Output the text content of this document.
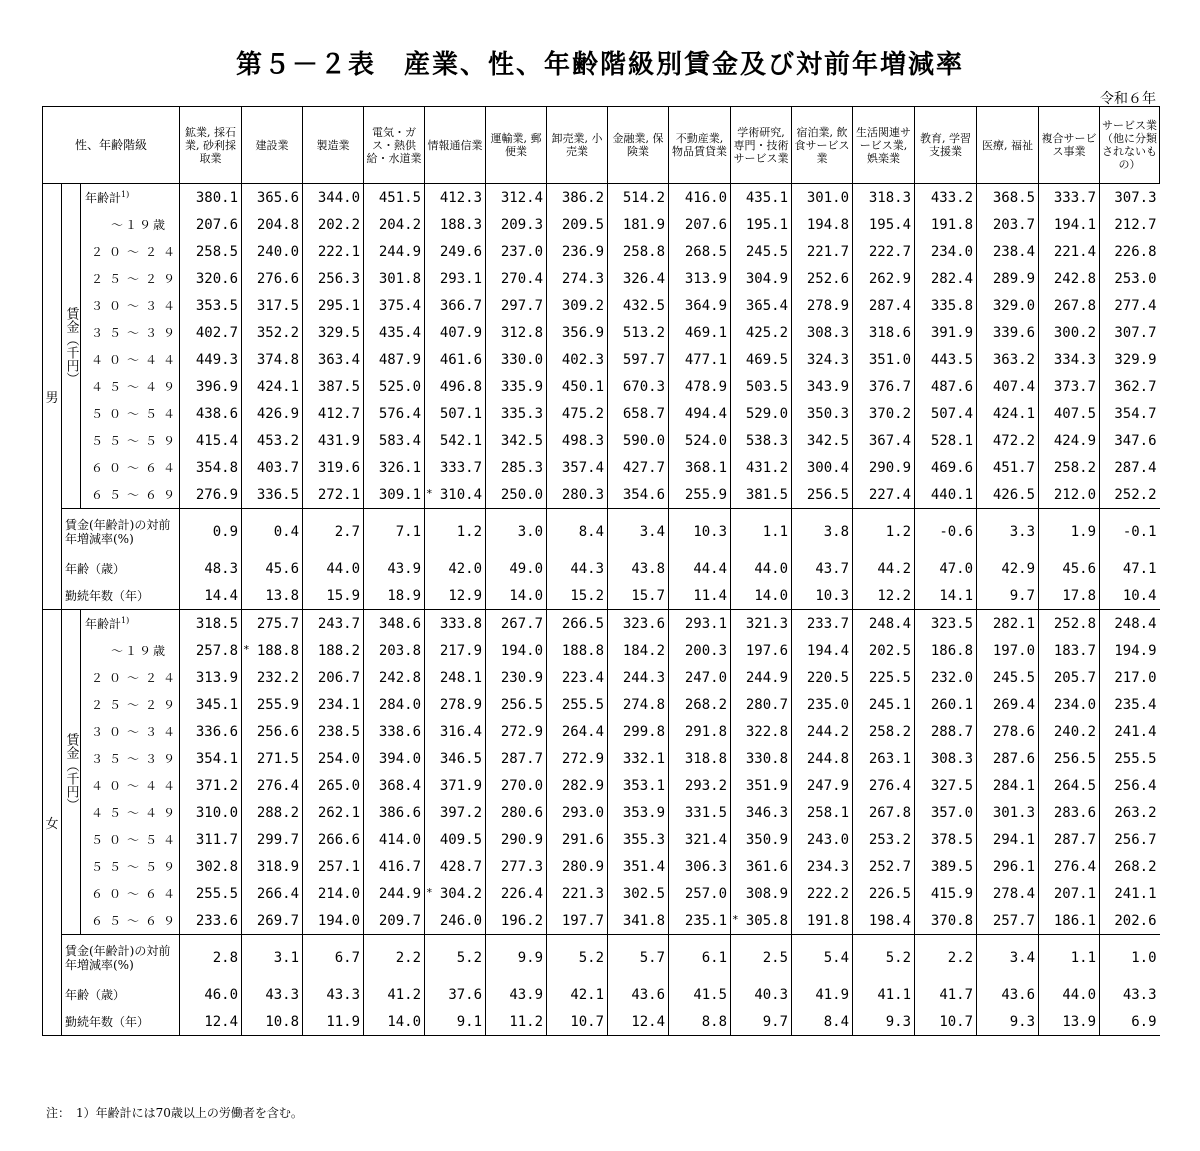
第５－２表　産業、性、年齢階級別賃金及び対前年増減率
令和６年
性、年齢階級			鉱業, 採石業, 砂利採取業	建設業	製造業	電気・ガス・熱供給・水道業	情報通信業	運輸業, 郵便業	卸売業, 小売業	金融業, 保険業	不動産業, 物品賃貸業	学術研究, 専門・技術サービス業	宿泊業, 飲食サービス業	生活関連サービス業, 娯楽業	教育, 学習支援業	医療, 福祉	複合サービス事業	サービス業（他に分類されないもの）
男	賃金（千円）	年齢計$^{1)}$	380.1	365.6	344.0	451.5	412.3	312.4	386.2	514.2	416.0	435.1	301.0	318.3	433.2	368.5	333.7	307.3
		～１９歳	207.6	204.8	202.2	204.2	188.3	209.3	209.5	181.9	207.6	195.1	194.8	195.4	191.8	203.7	194.1	212.7
		２０～２４	258.5	240.0	222.1	244.9	249.6	237.0	236.9	258.8	268.5	245.5	221.7	222.7	234.0	238.4	221.4	226.8
		２５～２９	320.6	276.6	256.3	301.8	293.1	270.4	274.3	326.4	313.9	304.9	252.6	262.9	282.4	289.9	242.8	253.0
		３０～３４	353.5	317.5	295.1	375.4	366.7	297.7	309.2	432.5	364.9	365.4	278.9	287.4	335.8	329.0	267.8	277.4
		３５～３９	402.7	352.2	329.5	435.4	407.9	312.8	356.9	513.2	469.1	425.2	308.3	318.6	391.9	339.6	300.2	307.7
		４０～４４	449.3	374.8	363.4	487.9	461.6	330.0	402.3	597.7	477.1	469.5	324.3	351.0	443.5	363.2	334.3	329.9
		４５～４９	396.9	424.1	387.5	525.0	496.8	335.9	450.1	670.3	478.9	503.5	343.9	376.7	487.6	407.4	373.7	362.7
		５０～５４	438.6	426.9	412.7	576.4	507.1	335.3	475.2	658.7	494.4	529.0	350.3	370.2	507.4	424.1	407.5	354.7
		５５～５９	415.4	453.2	431.9	583.4	542.1	342.5	498.3	590.0	524.0	538.3	342.5	367.4	528.1	472.2	424.9	347.6
		６０～６４	354.8	403.7	319.6	326.1	333.7	285.3	357.4	427.7	368.1	431.2	300.4	290.9	469.6	451.7	258.2	287.4
		６５～６９	276.9	336.5	272.1	309.1	* 310.4	250.0	280.3	354.6	255.9	381.5	256.5	227.4	440.1	426.5	212.0	252.2
	賃金(年齢計)の対前年増減率(%)		0.9	0.4	2.7	7.1	1.2	3.0	8.4	3.4	10.3	1.1	3.8	1.2	-0.6	3.3	1.9	-0.1
	年齢（歳）		48.3	45.6	44.0	43.9	42.0	49.0	44.3	43.8	44.4	44.0	43.7	44.2	47.0	42.9	45.6	47.1
	勤続年数（年）		14.4	13.8	15.9	18.9	12.9	14.0	15.2	15.7	11.4	14.0	10.3	12.2	14.1	9.7	17.8	10.4
女	賃金（千円）	年齢計$^{1)}$	318.5	275.7	243.7	348.6	333.8	267.7	266.5	323.6	293.1	321.3	233.7	248.4	323.5	282.1	252.8	248.4
		～１９歳	257.8	* 188.8	188.2	203.8	217.9	194.0	188.8	184.2	200.3	197.6	194.4	202.5	186.8	197.0	183.7	194.9
		２０～２４	313.9	232.2	206.7	242.8	248.1	230.9	223.4	244.3	247.0	244.9	220.5	225.5	232.0	245.5	205.7	217.0
		２５～２９	345.1	255.9	234.1	284.0	278.9	256.5	255.5	274.8	268.2	280.7	235.0	245.1	260.1	269.4	234.0	235.4
		３０～３４	336.6	256.6	238.5	338.6	316.4	272.9	264.4	299.8	291.8	322.8	244.2	258.2	288.7	278.6	240.2	241.4
		３５～３９	354.1	271.5	254.0	394.0	346.5	287.7	272.9	332.1	318.8	330.8	244.8	263.1	308.3	287.6	256.5	255.5
		４０～４４	371.2	276.4	265.0	368.4	371.9	270.0	282.9	353.1	293.2	351.9	247.9	276.4	327.5	284.1	264.5	256.4
		４５～４９	310.0	288.2	262.1	386.6	397.2	280.6	293.0	353.9	331.5	346.3	258.1	267.8	357.0	301.3	283.6	263.2
		５０～５４	311.7	299.7	266.6	414.0	409.5	290.9	291.6	355.3	321.4	350.9	243.0	253.2	378.5	294.1	287.7	256.7
		５５～５９	302.8	318.9	257.1	416.7	428.7	277.3	280.9	351.4	306.3	361.6	234.3	252.7	389.5	296.1	276.4	268.2
		６０～６４	255.5	266.4	214.0	244.9	* 304.2	226.4	221.3	302.5	257.0	308.9	222.2	226.5	415.9	278.4	207.1	241.1
		６５～６９	233.6	269.7	194.0	209.7	246.0	196.2	197.7	341.8	235.1	* 305.8	191.8	198.4	370.8	257.7	186.1	202.6
	賃金(年齢計)の対前年増減率(%)		2.8	3.1	6.7	2.2	5.2	9.9	5.2	5.7	6.1	2.5	5.4	5.2	2.2	3.4	1.1	1.0
	年齢（歳）		46.0	43.3	43.3	41.2	37.6	43.9	42.1	43.6	41.5	40.3	41.9	41.1	41.7	43.6	44.0	43.3
	勤続年数（年）		12.4	10.8	11.9	14.0	9.1	11.2	10.7	12.4	8.8	9.7	8.4	9.3	10.7	9.3	13.9	6.9
注：　1）年齢計には70歳以上の労働者を含む。
